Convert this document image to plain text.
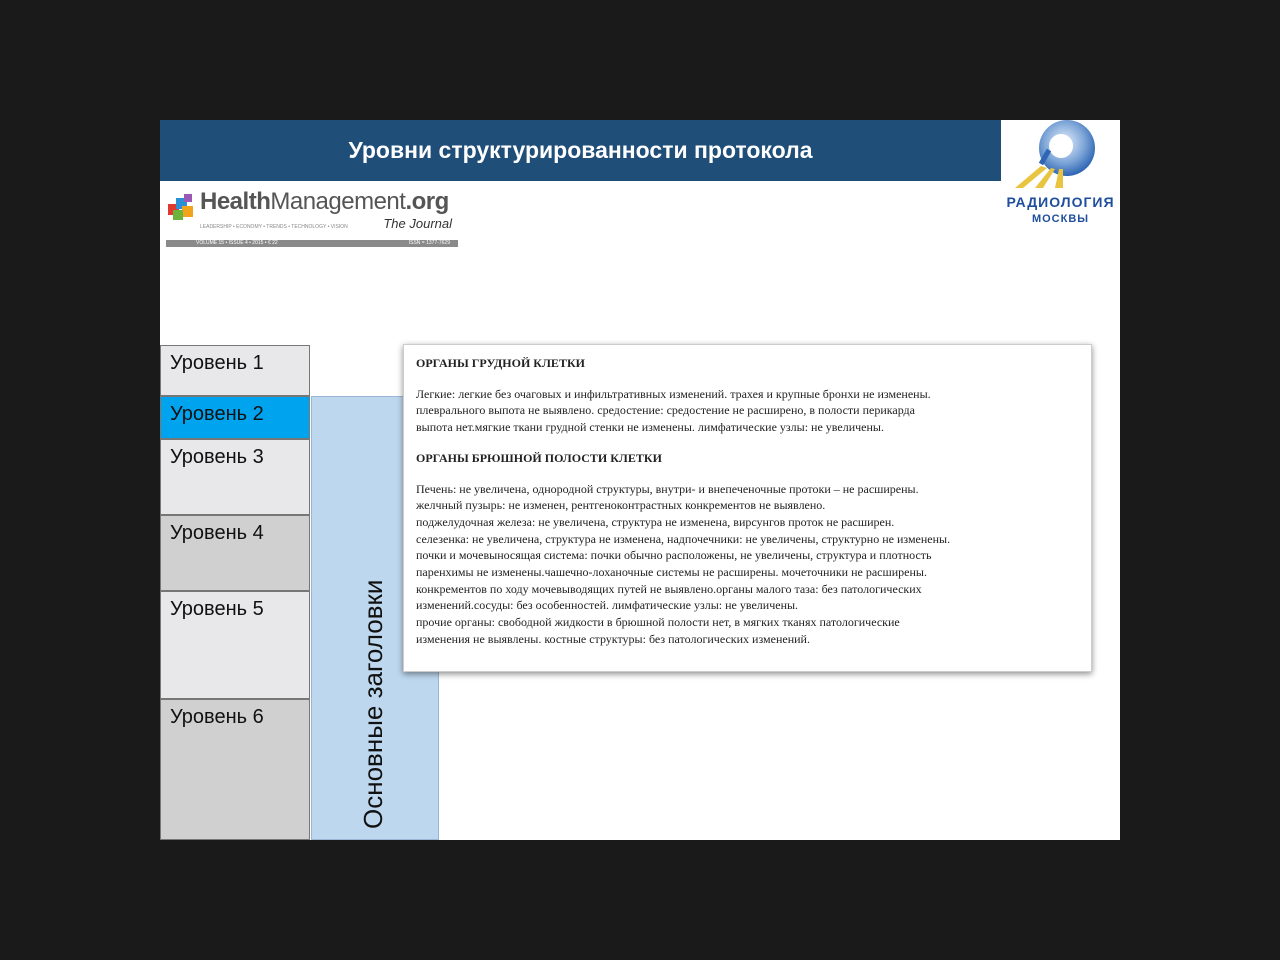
Уровни структурированности протокола
РАДИОЛОГИЯ
МОСКВЫ
HealthManagement.org
LEADERSHIP • ECONOMY • TRENDS • TECHNOLOGY • VISION	The Journal
VOLUME 15 • ISSUE 4 • 2015 • € 22	ISSN = 1377-7629
Уровень 1
Уровень 2
Уровень 3
Уровень 4
Уровень 5
Уровень 6	Основные заголовки
ОРГАНЫ ГРУДНОЙ КЛЕТКИ

Легкие: легкие без очаговых и инфильтративных изменений. трахея и крупные бронхи не изменены.
плеврального выпота не выявлено. средостение: средостение не расширено, в полости перикарда
выпота нет.мягкие ткани грудной стенки не изменены. лимфатические узлы: не увеличены.

ОРГАНЫ БРЮШНОЙ ПОЛОСТИ КЛЕТКИ

Печень: не увеличена, однородной структуры, внутри- и внепеченочные протоки – не расширены.
желчный пузырь: не изменен, рентгеноконтрастных конкрементов не выявлено.
поджелудочная железа: не увеличена, структура не изменена, вирсунгов проток не расширен.
селезенка: не увеличена, структура не изменена, надпочечники: не увеличены, структурно не изменены.
почки и мочевыносящая система: почки обычно расположены, не увеличены, структура и плотность
паренхимы не изменены.чашечно-лоханочные системы не расширены. мочеточники не расширены.
конкрементов по ходу мочевыводящих путей не выявлено.органы малого таза: без патологических
изменений.сосуды: без особенностей. лимфатические узлы: не увеличены.
прочие органы: свободной жидкости в брюшной полости нет, в мягких тканях патологические
изменения не выявлены. костные структуры: без патологических изменений.
